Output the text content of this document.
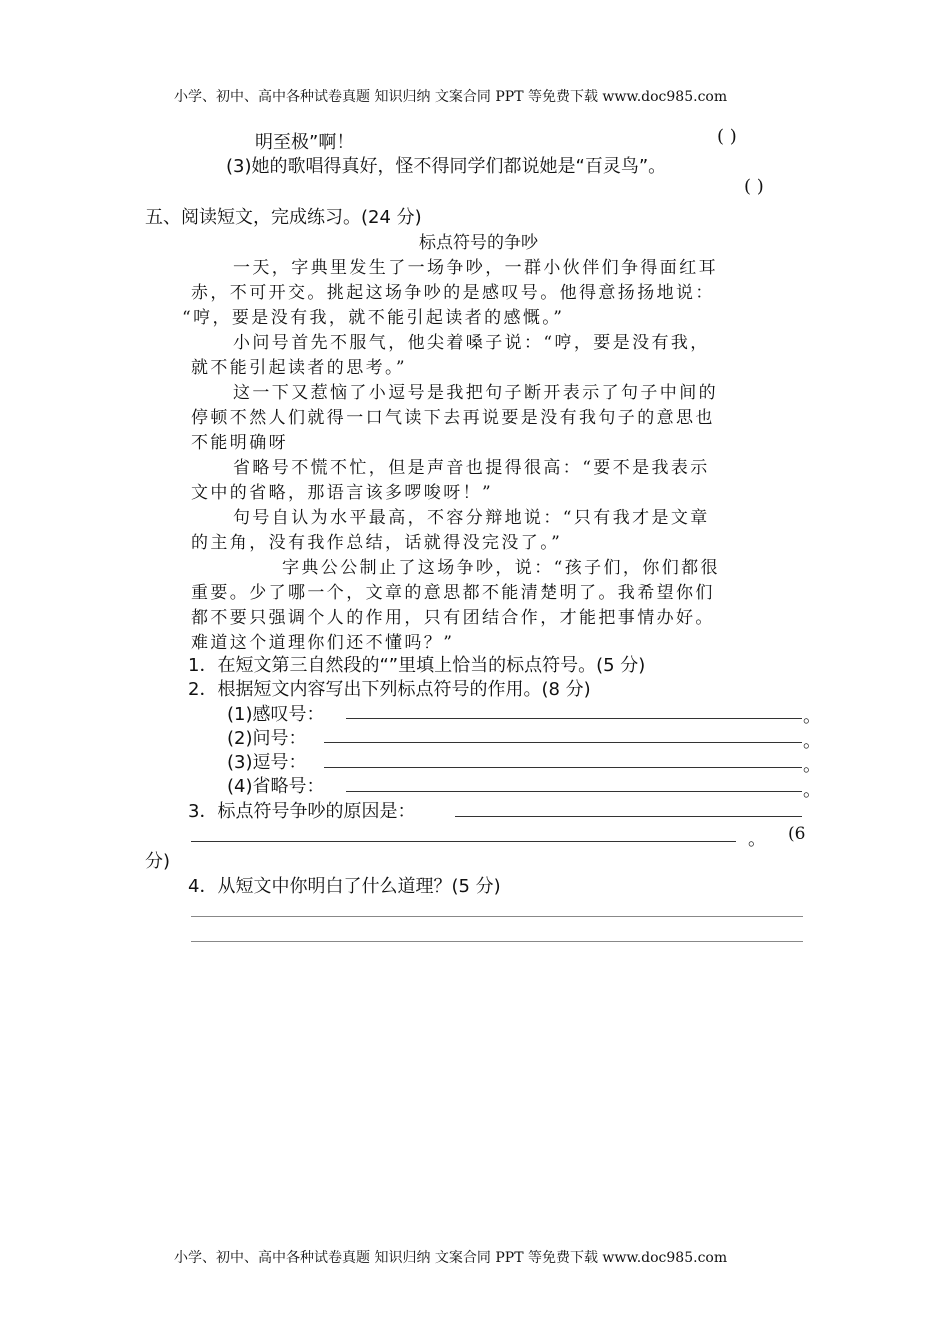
小学、初中、高中各种试卷真题 知识归纳 文案合同 PPT 等免费下载 www.doc985.com
明至极”啊！	( )
(3)她的歌唱得真好，怪不得同学们都说她是“百灵鸟”。
( )
五、阅读短文，完成练习。(24 分)
标点符号的争吵
一天，字典里发生了一场争吵，一群小伙伴们争得面红耳
赤，不可开交。挑起这场争吵的是感叹号。他得意扬扬地说：
“哼，要是没有我，就不能引起读者的感慨。”
小问号首先不服气，他尖着嗓子说：“哼，要是没有我，
就不能引起读者的思考。”
这一下又惹恼了小逗号是我把句子断开表示了句子中间的
停顿不然人们就得一口气读下去再说要是没有我句子的意思也
不能明确呀
省略号不慌不忙，但是声音也提得很高：“要不是我表示
文中的省略，那语言该多啰唆呀！”
句号自认为水平最高，不容分辩地说：“只有我才是文章
的主角，没有我作总结，话就得没完没了。”
字典公公制止了这场争吵，说：“孩子们，你们都很
重要。少了哪一个，文章的意思都不能清楚明了。我希望你们
都不要只强调个人的作用，只有团结合作，才能把事情办好。
难道这个道理你们还不懂吗？”
1．在短文第三自然段的“”里填上恰当的标点符号。(5 分)
2．根据短文内容写出下列标点符号的作用。(8 分)
(1)感叹号：	。
(2)问号：	。
(3)逗号：	。
(4)省略号：	。
3．标点符号争吵的原因是：
。 (6
分)
4．从短文中你明白了什么道理？(5 分)
小学、初中、高中各种试卷真题 知识归纳 文案合同 PPT 等免费下载 www.doc985.com
